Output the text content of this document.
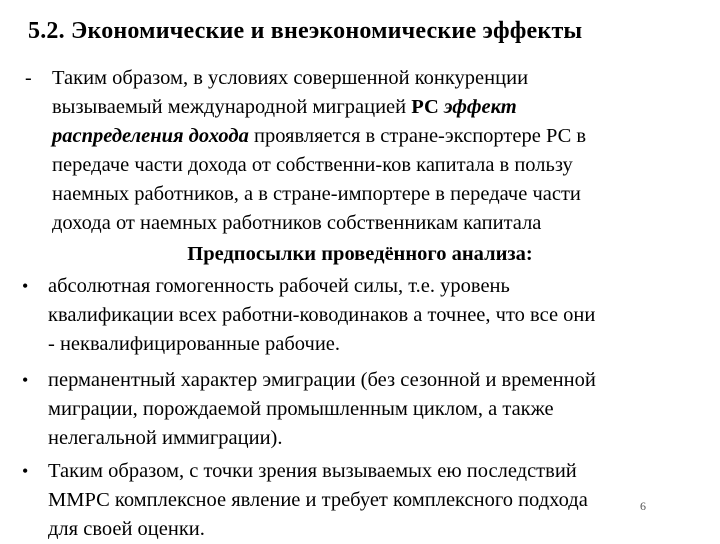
5.2. Экономические и внеэкономические эффекты
- Таким образом, в условиях совершенной конкуренции
вызываемый международной миграцией РС эффект
распределения дохода проявляется в стране-экспортере РС в
передаче части дохода от собственни-ков капитала в пользу
наемных работников, а в стране-импортере в передаче части
дохода от наемных работников собственникам капитала
Предпосылки проведённого анализа:
• абсолютная гомогенность рабочей силы, т.е. уровень
квалификации всех работни-ководинаков а точнее, что все они
- неквалифицированные рабочие.
• перманентный характер эмиграции (без сезонной и временной
миграции, порождаемой промышленным циклом, а также
нелегальной иммиграции).
• Таким образом, с точки зрения вызываемых ею последствий
ММРС комплексное явление и требует комплексного подхода
для своей оценки.
6
